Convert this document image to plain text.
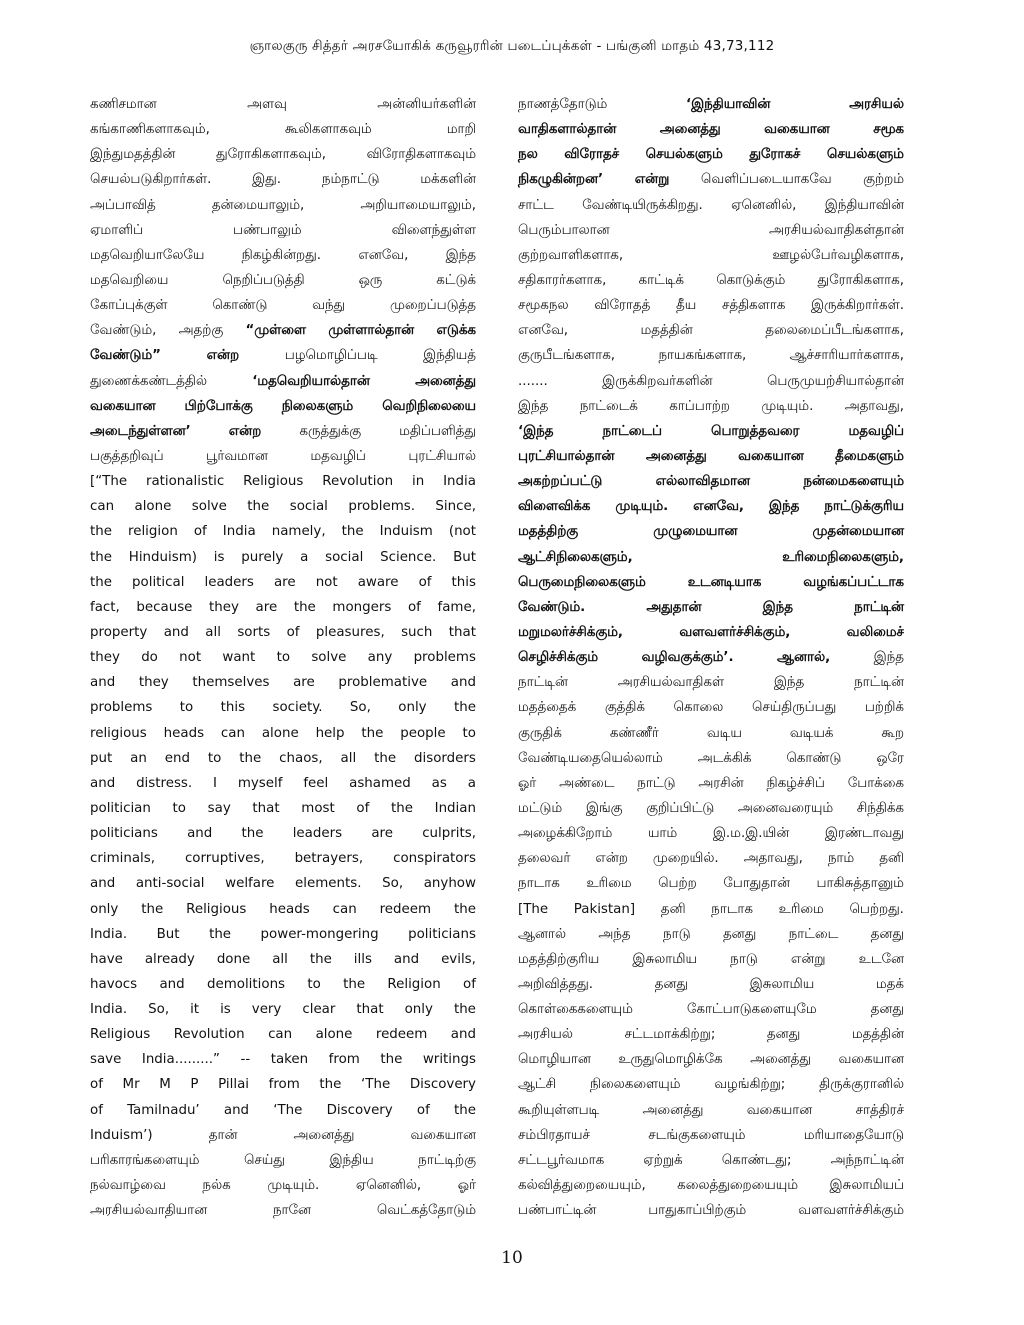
ஞாலகுரு சித்தர் அரசயோகிக் கருவூரரின் படைப்புக்கள் - பங்குனி மாதம் 43,73,112
கணிசமான	அளவு	அன்னியர்களின்
கங்காணிகளாகவும்,	கூலிகளாகவும்	மாறி
இந்துமதத்தின்	துரோகிகளாகவும்,	விரோதிகளாகவும்
செயல்படுகிறார்கள்.	இது.	நம்நாட்டு	மக்களின்
அப்பாவித்	தன்மையாலும்,	அறியாமையாலும்,
ஏமாளிப்	பண்பாலும்	விளைந்துள்ள
மதவெறியாலேயே	நிகழ்கின்றது.	எனவே,	இந்த
மதவெறியை	நெறிப்படுத்தி	ஒரு	கட்டுக்
கோப்புக்குள்	கொண்டு	வந்து	முறைப்படுத்த
வேண்டும், அதற்கு “முள்ளை முள்ளால்தான் எடுக்க
வேண்டும்”	என்ற	பழமொழிப்படி	இந்தியத்
துணைக்கண்டத்தில்	‘மதவெறியால்தான்	அனைத்து
வகையான பிற்போக்கு நிலைகளும் வெறிநிலையை
அடைந்துள்ளன’	என்ற	கருத்துக்கு	மதிப்பளித்து
பகுத்தறிவுப்	பூர்வமான	மதவழிப்	புரட்சியால்
[“The rationalistic Religious Revolution in India
can alone solve the social problems. Since,
the religion of India namely, the Induism (not
the Hinduism) is purely a social Science. But
the political leaders are not aware of this
fact, because they are the mongers of fame,
property and all sorts of pleasures, such that
they do not want to solve any problems
and they themselves are problemative and
problems to this society. So, only the
religious heads can alone help the people to
put an end to the chaos, all the disorders
and distress. I myself feel ashamed as a
politician to say that most of the Indian
politicians and the leaders are culprits,
criminals, corruptives, betrayers, conspirators
and anti-social welfare elements. So, anyhow
only the Religious heads can redeem the
India. But the power-mongering politicians
have already done all the ills and evils,
havocs and demolitions to the Religion of
India. So, it is very clear that only the
Religious Revolution can alone redeem and
save India.........” -- taken from the writings
of Mr M P Pillai from the ‘The Discovery
of Tamilnadu’ and ‘The Discovery of the
Induism’)	தான்	அனைத்து	வகையான
பரிகாரங்களையும்	செய்து	இந்திய	நாட்டிற்கு
நல்வாழ்வை	நல்க	முடியும்.	ஏனெனில்,	ஓர்
அரசியல்வாதியான	நானே	வெட்கத்தோடும்
நாணத்தோடும்	‘இந்தியாவின்	அரசியல்
வாதிகளால்தான்	அனைத்து	வகையான	சமூக
நல விரோதச் செயல்களும் துரோகச் செயல்களும்
நிகழுகின்றன’ என்று வெளிப்படையாகவே குற்றம்
சாட்ட வேண்டியிருக்கிறது. ஏனெனில், இந்தியாவின்
பெரும்பாலான	அரசியல்வாதிகள்தான்
குற்றவாளிகளாக,	ஊழல்பேர்வழிகளாக,
சதிகாரர்களாக, காட்டிக் கொடுக்கும் துரோகிகளாக,
சமூகநல விரோதத் தீய சத்திகளாக இருக்கிறார்கள்.
எனவே,	மதத்தின்	தலைமைப்பீடங்களாக,
குருபீடங்களாக,	நாயகங்களாக,	ஆச்சாரியார்களாக,
.......	இருக்கிறவர்களின்	பெருமுயற்சியால்தான்
இந்த நாட்டைக் காப்பாற்ற முடியும். அதாவது,
‘இந்த	நாட்டைப்	பொறுத்தவரை	மதவழிப்
புரட்சியால்தான் அனைத்து வகையான தீமைகளும்
அகற்றப்பட்டு	எல்லாவிதமான	நன்மைகளையும்
விளைவிக்க முடியும். எனவே, இந்த நாட்டுக்குரிய
மதத்திற்கு	முழுமையான	முதன்மையான
ஆட்சிநிலைகளும்,	உரிமைநிலைகளும்,
பெருமைநிலைகளும்	உடனடியாக	வழங்கப்பட்டாக
வேண்டும்.	அதுதான்	இந்த	நாட்டின்
மறுமலர்ச்சிக்கும்,	வளவளர்ச்சிக்கும்,	வலிமைச்
செழிச்சிக்கும்	வழிவகுக்கும்’.	ஆனால்,	இந்த
நாட்டின்	அரசியல்வாதிகள்	இந்த	நாட்டின்
மதத்தைக் குத்திக் கொலை செய்திருப்பது பற்றிக்
குருதிக்	கண்ணீர்	வடிய	வடியக்	கூற
வேண்டியதையெல்லாம்	அடக்கிக்	கொண்டு	ஒரே
ஓர் அண்டை நாட்டு அரசின் நிகழ்ச்சிப் போக்கை
மட்டும் இங்கு குறிப்பிட்டு அனைவரையும் சிந்திக்க
அழைக்கிறோம்	யாம்	இ.ம.இ.யின்	இரண்டாவது
தலைவர் என்ற முறையில். அதாவது, நாம் தனி
நாடாக உரிமை பெற்ற போதுதான் பாகிசுத்தானும்
[The Pakistan] தனி நாடாக உரிமை பெற்றது.
ஆனால் அந்த நாடு தனது நாட்டை தனது
மதத்திற்குரிய இசுலாமிய நாடு என்று உடனே
அறிவித்தது.	தனது	இசுலாமிய	மதக்
கொள்கைகளையும்	கோட்பாடுகளையுமே	தனது
அரசியல்	சட்டமாக்கிற்று;	தனது	மதத்தின்
மொழியான உருதுமொழிக்கே அனைத்து வகையான
ஆட்சி	நிலைகளையும்	வழங்கிற்று;	திருக்குரானில்
கூறியுள்ளபடி	அனைத்து	வகையான	சாத்திரச்
சம்பிரதாயச்	சடங்குகளையும்	மரியாதையோடு
சட்டபூர்வமாக	ஏற்றுக்	கொண்டது;	அந்நாட்டின்
கல்வித்துறையையும், கலைத்துறையையும் இசுலாமியப்
பண்பாட்டின்	பாதுகாப்பிற்கும்	வளவளர்ச்சிக்கும்
10
